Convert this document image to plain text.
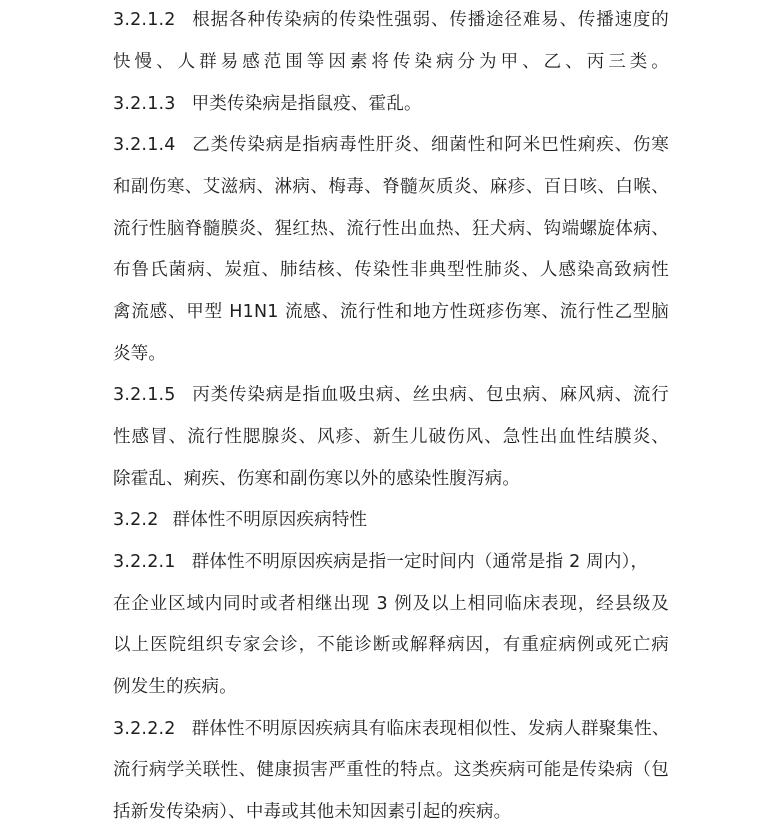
3.2.1.2 根据各种传染病的传染性强弱、传播途径难易、传播速度的
快慢、人群易感范围等因素将传染病分为甲、乙、丙三类。
3.2.1.3 甲类传染病是指鼠疫、霍乱。
3.2.1.4 乙类传染病是指病毒性肝炎、细菌性和阿米巴性痢疾、伤寒
和副伤寒、艾滋病、淋病、梅毒、脊髓灰质炎、麻疹、百日咳、白喉、
流行性脑脊髓膜炎、猩红热、流行性出血热、狂犬病、钩端螺旋体病、
布鲁氏菌病、炭疽、肺结核、传染性非典型性肺炎、人感染高致病性
禽流感、甲型 H1N1 流感、流行性和地方性斑疹伤寒、流行性乙型脑
炎等。
3.2.1.5 丙类传染病是指血吸虫病、丝虫病、包虫病、麻风病、流行
性感冒、流行性腮腺炎、风疹、新生儿破伤风、急性出血性结膜炎、
除霍乱、痢疾、伤寒和副伤寒以外的感染性腹泻病。
3.2.2 群体性不明原因疾病特性
3.2.2.1 群体性不明原因疾病是指一定时间内（通常是指 2 周内），
在企业区域内同时或者相继出现 3 例及以上相同临床表现，经县级及
以上医院组织专家会诊，不能诊断或解释病因，有重症病例或死亡病
例发生的疾病。
3.2.2.2 群体性不明原因疾病具有临床表现相似性、发病人群聚集性、
流行病学关联性、健康损害严重性的特点。这类疾病可能是传染病（包
括新发传染病）、中毒或其他未知因素引起的疾病。
